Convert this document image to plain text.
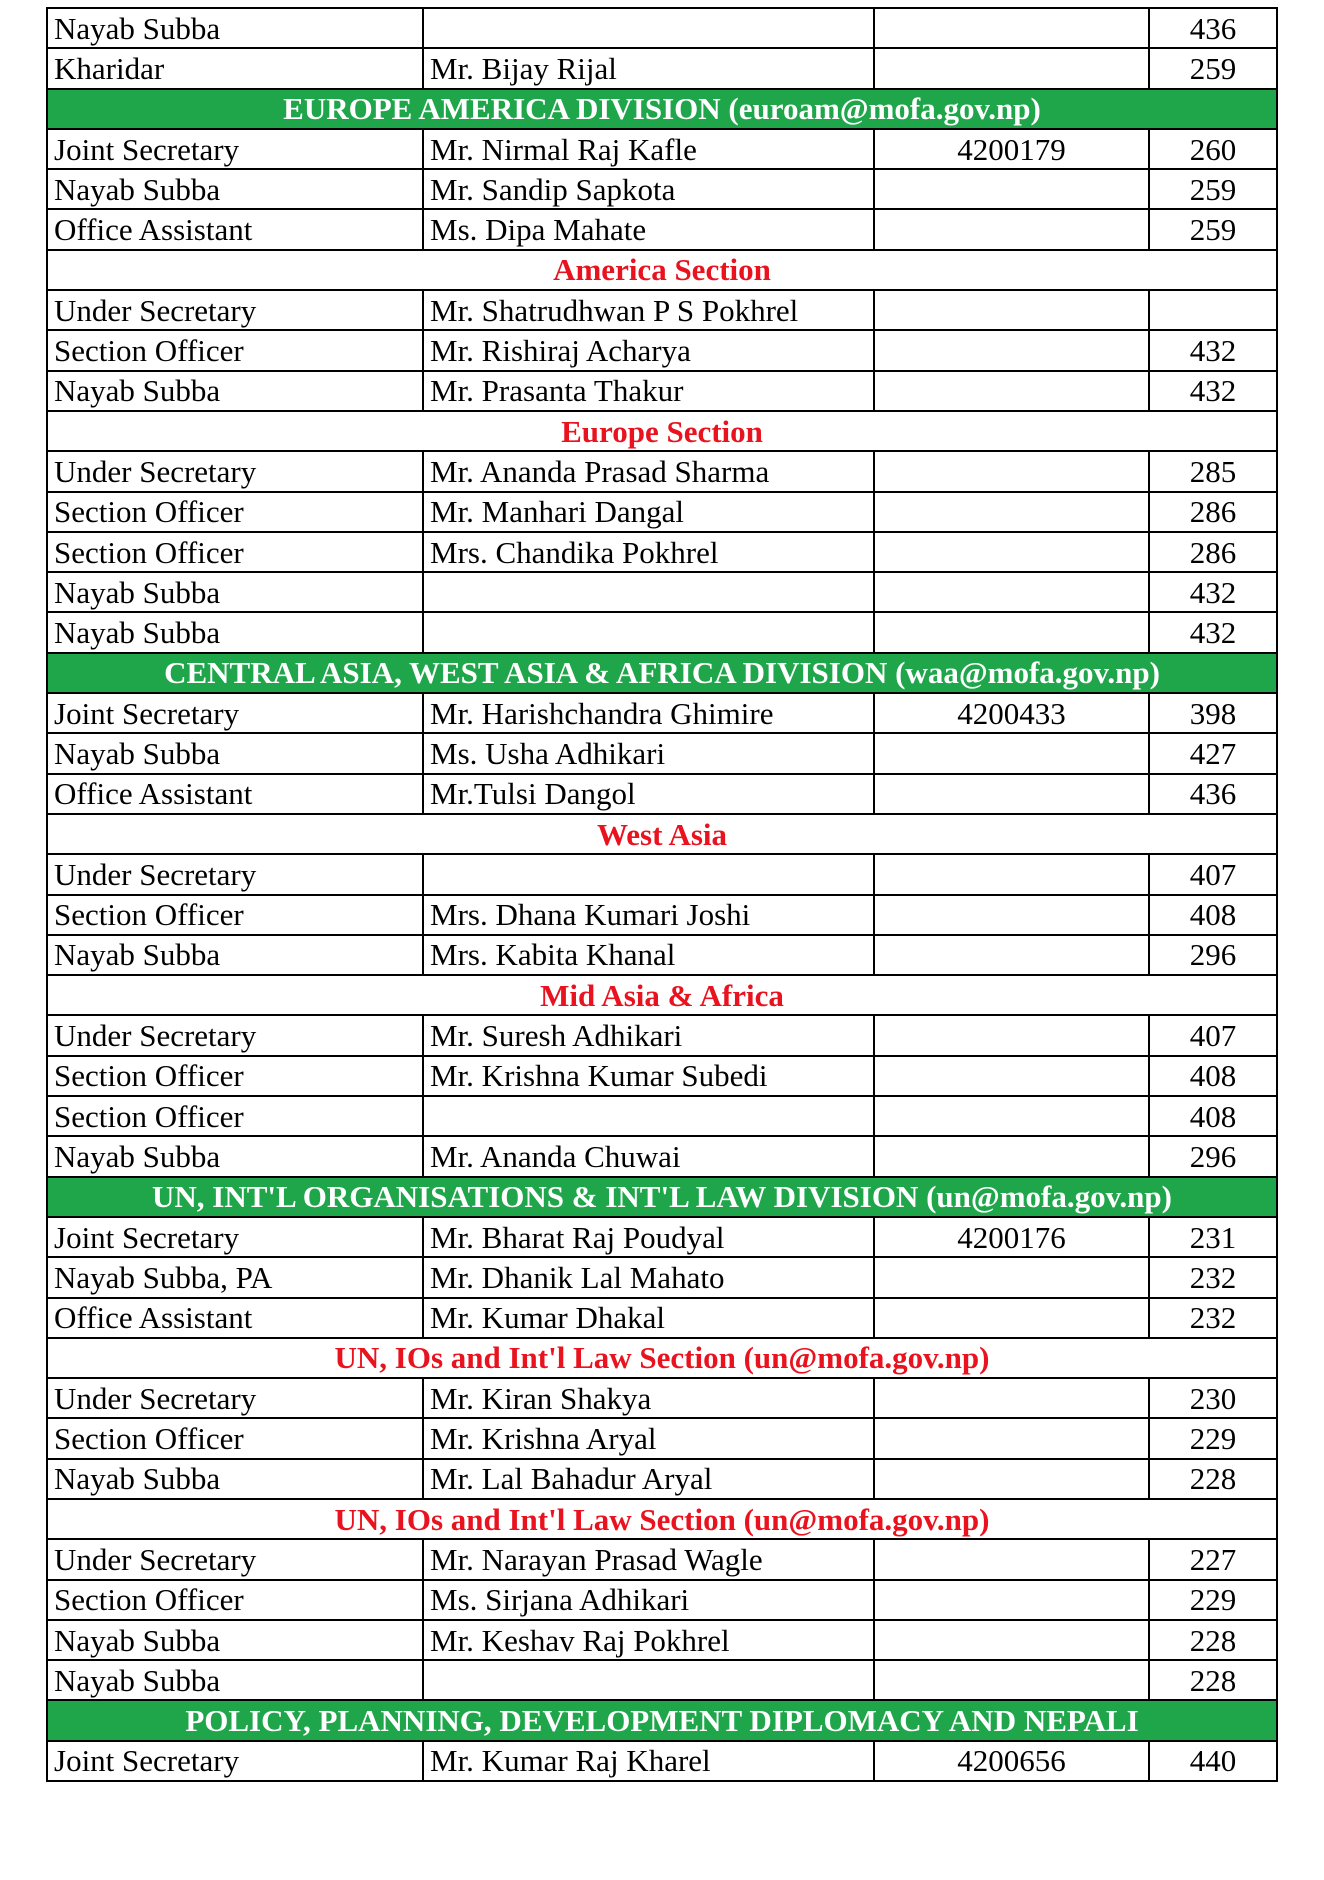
Nayab Subba			436
Kharidar	Mr. Bijay Rijal		259
EUROPE AMERICA DIVISION (euroam@mofa.gov.np)			
Joint Secretary	Mr. Nirmal Raj Kafle	4200179	260
Nayab Subba	Mr. Sandip Sapkota		259
Office Assistant	Ms. Dipa Mahate		259
America Section			
Under Secretary	Mr. Shatrudhwan P S Pokhrel		
Section Officer	Mr. Rishiraj Acharya		432
Nayab Subba	Mr. Prasanta Thakur		432
Europe Section			
Under Secretary	Mr. Ananda Prasad Sharma		285
Section Officer	Mr. Manhari Dangal		286
Section Officer	Mrs. Chandika Pokhrel		286
Nayab Subba			432
Nayab Subba			432
CENTRAL ASIA, WEST ASIA & AFRICA DIVISION (waa@mofa.gov.np)			
Joint Secretary	Mr. Harishchandra Ghimire	4200433	398
Nayab Subba	Ms. Usha Adhikari		427
Office Assistant	Mr.Tulsi Dangol		436
West Asia			
Under Secretary			407
Section Officer	Mrs. Dhana Kumari Joshi		408
Nayab Subba	Mrs. Kabita Khanal		296
Mid Asia & Africa			
Under Secretary	Mr. Suresh Adhikari		407
Section Officer	Mr. Krishna Kumar Subedi		408
Section Officer			408
Nayab Subba	Mr. Ananda Chuwai		296
UN, INT'L ORGANISATIONS & INT'L LAW DIVISION (un@mofa.gov.np)			
Joint Secretary	Mr. Bharat Raj Poudyal	4200176	231
Nayab Subba, PA	Mr. Dhanik Lal Mahato		232
Office Assistant	Mr. Kumar Dhakal		232
UN, IOs and Int'l Law Section (un@mofa.gov.np)			
Under Secretary	Mr. Kiran Shakya		230
Section Officer	Mr. Krishna Aryal		229
Nayab Subba	Mr. Lal Bahadur Aryal		228
UN, IOs and Int'l Law Section (un@mofa.gov.np)			
Under Secretary	Mr. Narayan Prasad Wagle		227
Section Officer	Ms. Sirjana Adhikari		229
Nayab Subba	Mr. Keshav Raj Pokhrel		228
Nayab Subba			228
POLICY, PLANNING, DEVELOPMENT DIPLOMACY AND NEPALI			
Joint Secretary	Mr. Kumar Raj Kharel	4200656	440
